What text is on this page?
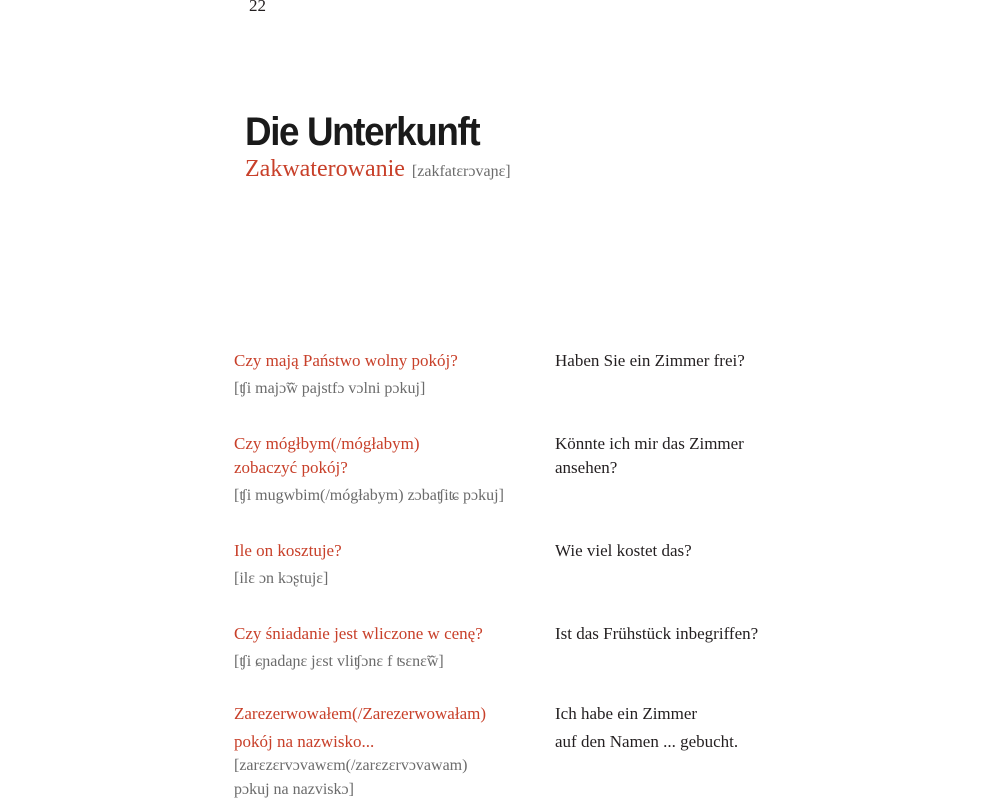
22
Die Unterkunft
Zakwaterowanie [zakfatɛrɔvaɲɛ]
Czy mają Państwo wolny pokój?
[ʧi majɔ̃w̃ pajstfɔ vɔlni pɔkuj]
Haben Sie ein Zimmer frei?
Czy mógłbym(/mógłabym)
zobaczyć pokój?
[ʧi mugwbim(/mógłabym) zɔbaʧiʨ pɔkuj]
Könnte ich mir das Zimmer
ansehen?
Ile on kosztuje?
[ilɛ ɔn kɔʂtujɛ]
Wie viel kostet das?
Czy śniadanie jest wliczone w cenę?
[ʧi ɕɲadaɲɛ jɛst vliʧɔnɛ f ʦɛnɛ̃w̃]
Ist das Frühstück inbegriffen?
Zarezerwowałem(/Zarezerwowałam)
pokój na nazwisko...
[zarɛzɛrvɔvawɛm(/zarɛzɛrvɔvawam)
pɔkuj na nazviskɔ]
Ich habe ein Zimmer
auf den Namen ... gebucht.
